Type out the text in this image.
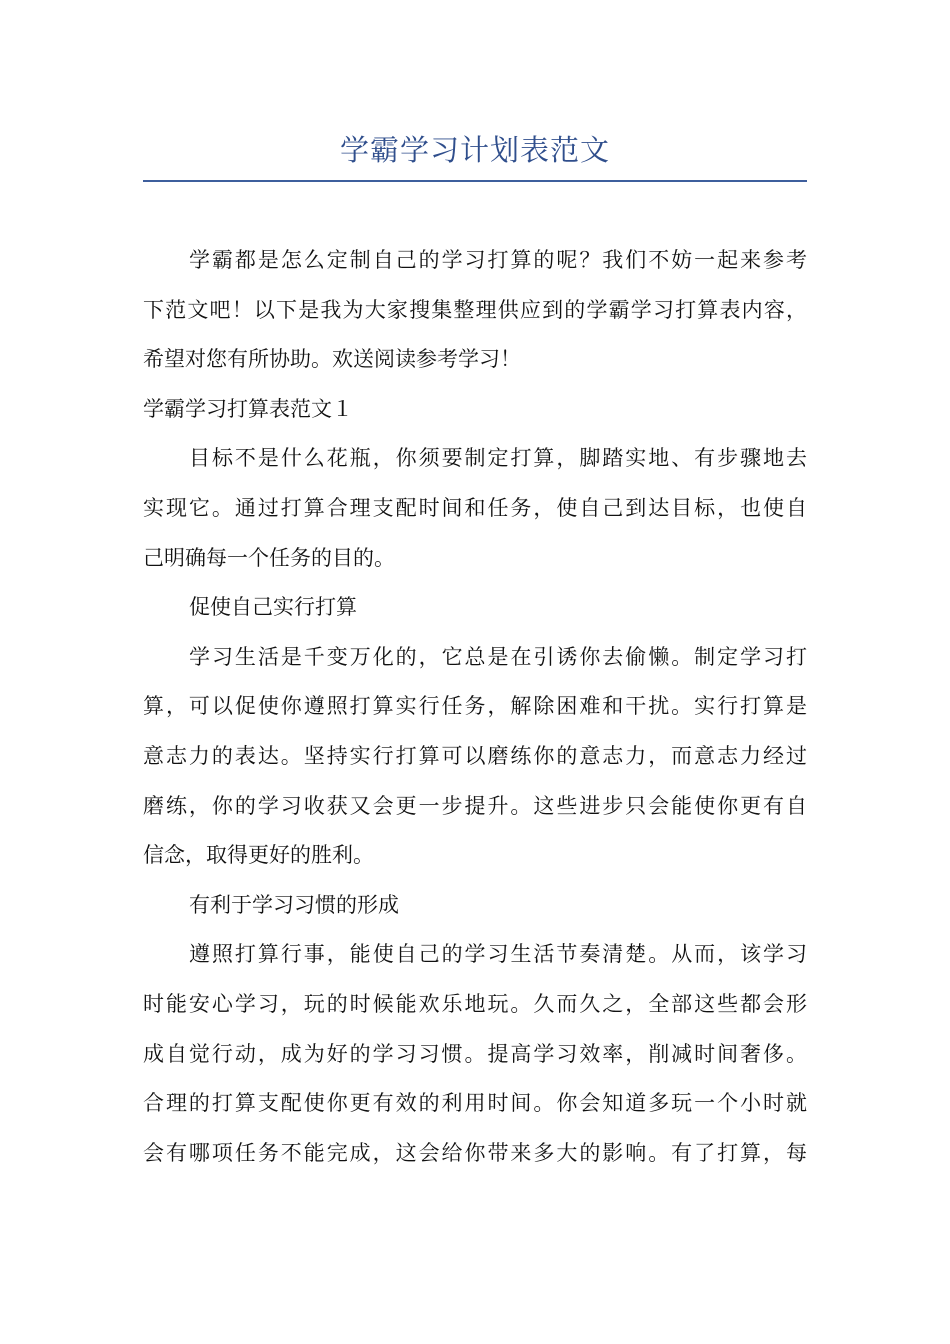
学霸学习计划表范文
学霸都是怎么定制自己的学习打算的呢？我们不妨一起来参考
下范文吧！以下是我为大家搜集整理供应到的学霸学习打算表内容，
希望对您有所协助。欢送阅读参考学习！
学霸学习打算表范文１
目标不是什么花瓶，你须要制定打算，脚踏实地、有步骤地去
实现它。通过打算合理支配时间和任务，使自己到达目标，也使自
己明确每一个任务的目的。
促使自己实行打算
学习生活是千变万化的，它总是在引诱你去偷懒。制定学习打
算，可以促使你遵照打算实行任务，解除困难和干扰。实行打算是
意志力的表达。坚持实行打算可以磨练你的意志力，而意志力经过
磨练，你的学习收获又会更一步提升。这些进步只会能使你更有自
信念，取得更好的胜利。
有利于学习习惯的形成
遵照打算行事，能使自己的学习生活节奏清楚。从而，该学习
时能安心学习，玩的时候能欢乐地玩。久而久之，全部这些都会形
成自觉行动，成为好的学习习惯。提高学习效率，削减时间奢侈。
合理的打算支配使你更有效的利用时间。你会知道多玩一个小时就
会有哪项任务不能完成，这会给你带来多大的影响。有了打算，每
